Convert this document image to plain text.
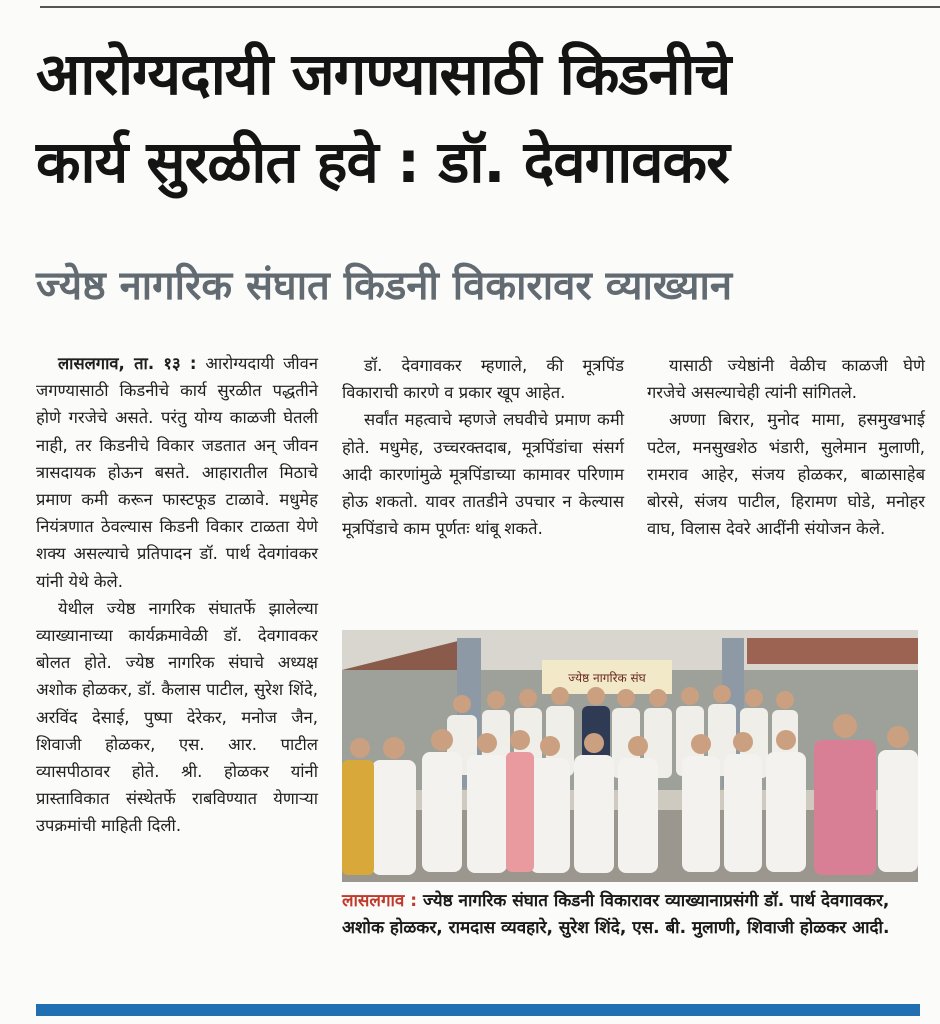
आरोग्यदायी जगण्यासाठी किडनीचे
कार्य सुरळीत हवे : डॉ. देवगावकर
ज्येष्ठ नागरिक संघात किडनी विकारावर व्याख्यान

लासलगाव, ता. १३ : आरोग्यदायी जीवन जगण्यासाठी किडनीचे कार्य सुरळीत पद्धतीने होणे गरजेचे असते. परंतु योग्य काळजी घेतली नाही, तर किडनीचे विकार जडतात अन् जीवन त्रासदायक होऊन बसते. आहारातील मिठाचे प्रमाण कमी करून फास्टफूड टाळावे. मधुमेह नियंत्रणात ठेवल्यास किडनी विकार टाळता येणे शक्य असल्याचे प्रतिपादन डॉ. पार्थ देवगांवकर यांनी येथे केले.

येथील ज्येष्ठ नागरिक संघातर्फे झालेल्या व्याख्यानाच्या कार्यक्रमावेळी डॉ. देवगावकर बोलत होते. ज्येष्ठ नागरिक संघाचे अध्यक्ष अशोक होळकर, डॉ. कैलास पाटील, सुरेश शिंदे, अरविंद देसाई, पुष्पा देरेकर, मनोज जैन, शिवाजी होळकर, एस. आर. पाटील व्यासपीठावर होते. श्री. होळकर यांनी प्रास्ताविकात संस्थेतर्फे राबविण्यात येणाऱ्या उपक्रमांची माहिती दिली.

डॉ. देवगावकर म्हणाले, की मूत्रपिंड विकाराची कारणे व प्रकार खूप आहेत.

सर्वांत महत्वाचे म्हणजे लघवीचे प्रमाण कमी होते. मधुमेह, उच्चरक्तदाब, मूत्रपिंडांचा संसर्ग आदी कारणांमुळे मूत्रपिंडाच्या कामावर परिणाम होऊ शकतो. यावर तातडीने उपचार न केल्यास मूत्रपिंडाचे काम पूर्णतः थांबू शकते.

यासाठी ज्येष्ठांनी वेळीच काळजी घेणे गरजेचे असल्याचेही त्यांनी सांगितले.

अण्णा बिरार, मुनोद मामा, हसमुखभाई पटेल, मनसुखशेठ भंडारी, सुलेमान मुलाणी, रामराव आहेर, संजय होळकर, बाळासाहेब बोरसे, संजय पाटील, हिरामण घोडे, मनोहर वाघ, विलास देवरे आदींनी संयोजन केले.

ज्येष्ठ नागरिक संघ

लासलगाव : ज्येष्ठ नागरिक संघात किडनी विकारावर व्याख्यानाप्रसंगी डॉ. पार्थ देवगावकर, अशोक होळकर, रामदास व्यवहारे, सुरेश शिंदे, एस. बी. मुलाणी, शिवाजी होळकर आदी.
